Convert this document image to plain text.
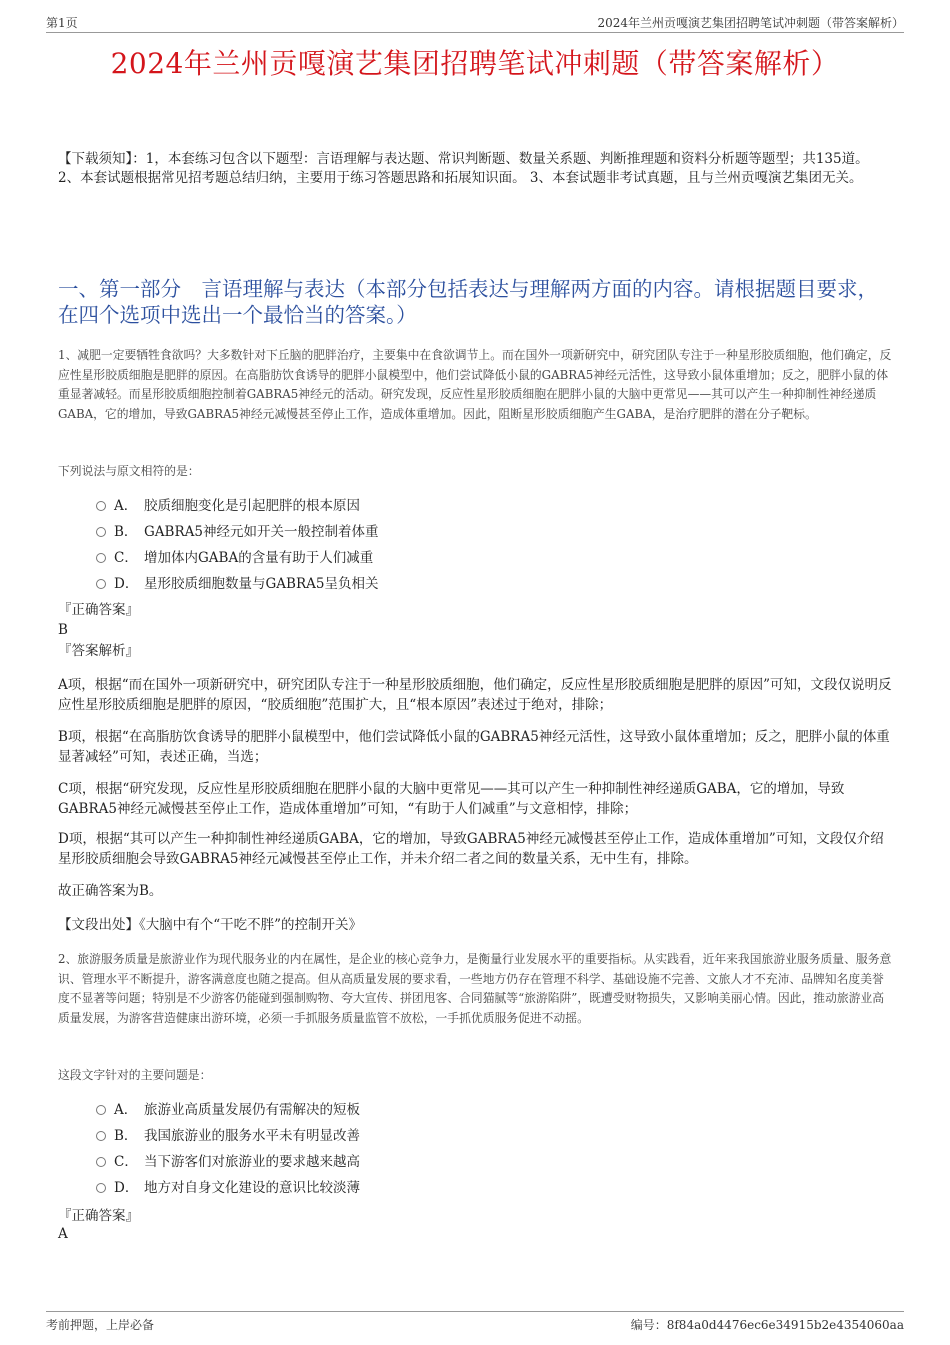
第1页	2024年兰州贡嘎演艺集团招聘笔试冲刺题（带答案解析）
2024年兰州贡嘎演艺集团招聘笔试冲刺题（带答案解析）
【下载须知】：1，本套练习包含以下题型：言语理解与表达题、常识判断题、数量关系题、判断推理题和资料分析题等题型；共135道。 2、本套试题根据常见招考题总结归纳，主要用于练习答题思路和拓展知识面。 3、本套试题非考试真题，且与兰州贡嘎演艺集团无关。
一、第一部分　言语理解与表达（本部分包括表达与理解两方面的内容。请根据题目要求，在四个选项中选出一个最恰当的答案。）
1、减肥一定要牺牲食欲吗？大多数针对下丘脑的肥胖治疗，主要集中在食欲调节上。而在国外一项新研究中，研究团队专注于一种星形胶质细胞，他们确定，反应性星形胶质细胞是肥胖的原因。在高脂肪饮食诱导的肥胖小鼠模型中，他们尝试降低小鼠的GABRA5神经元活性，这导致小鼠体重增加；反之，肥胖小鼠的体重显著减轻。而星形胶质细胞控制着GABRA5神经元的活动。研究发现，反应性星形胶质细胞在肥胖小鼠的大脑中更常见——其可以产生一种抑制性神经递质GABA，它的增加，导致GABRA5神经元减慢甚至停止工作，造成体重增加。因此，阻断星形胶质细胞产生GABA，是治疗肥胖的潜在分子靶标。
下列说法与原文相符的是：
A． 胶质细胞变化是引起肥胖的根本原因
B． GABRA5神经元如开关一般控制着体重
C． 增加体内GABA的含量有助于人们减重
D． 星形胶质细胞数量与GABRA5呈负相关
『正确答案』
B
『答案解析』
A项，根据“而在国外一项新研究中，研究团队专注于一种星形胶质细胞，他们确定，反应性星形胶质细胞是肥胖的原因”可知，文段仅说明反应性星形胶质细胞是肥胖的原因，“胶质细胞”范围扩大，且“根本原因”表述过于绝对，排除；
B项，根据“在高脂肪饮食诱导的肥胖小鼠模型中，他们尝试降低小鼠的GABRA5神经元活性，这导致小鼠体重增加；反之，肥胖小鼠的体重显著减轻”可知，表述正确，当选；
C项，根据“研究发现，反应性星形胶质细胞在肥胖小鼠的大脑中更常见——其可以产生一种抑制性神经递质GABA，它的增加，导致GABRA5神经元减慢甚至停止工作，造成体重增加”可知，“有助于人们减重”与文意相悖，排除；
D项，根据“其可以产生一种抑制性神经递质GABA，它的增加，导致GABRA5神经元减慢甚至停止工作，造成体重增加”可知，文段仅介绍星形胶质细胞会导致GABRA5神经元减慢甚至停止工作，并未介绍二者之间的数量关系，无中生有，排除。
故正确答案为B。
【文段出处】《大脑中有个“干吃不胖”的控制开关》
2、旅游服务质量是旅游业作为现代服务业的内在属性，是企业的核心竞争力，是衡量行业发展水平的重要指标。从实践看，近年来我国旅游业服务质量、服务意识、管理水平不断提升，游客满意度也随之提高。但从高质量发展的要求看，一些地方仍存在管理不科学、基础设施不完善、文旅人才不充沛、品牌知名度美誉度不显著等问题；特别是不少游客仍能碰到强制购物、夸大宣传、拼团甩客、合同猫腻等“旅游陷阱”，既遭受财物损失，又影响美丽心情。因此，推动旅游业高质量发展，为游客营造健康出游环境，必须一手抓服务质量监管不放松，一手抓优质服务促进不动摇。
这段文字针对的主要问题是：
A． 旅游业高质量发展仍有需解决的短板
B． 我国旅游业的服务水平未有明显改善
C． 当下游客们对旅游业的要求越来越高
D． 地方对自身文化建设的意识比较淡薄
『正确答案』
A
考前押题，上岸必备	编号：8f84a0d4476ec6e34915b2e4354060aa
